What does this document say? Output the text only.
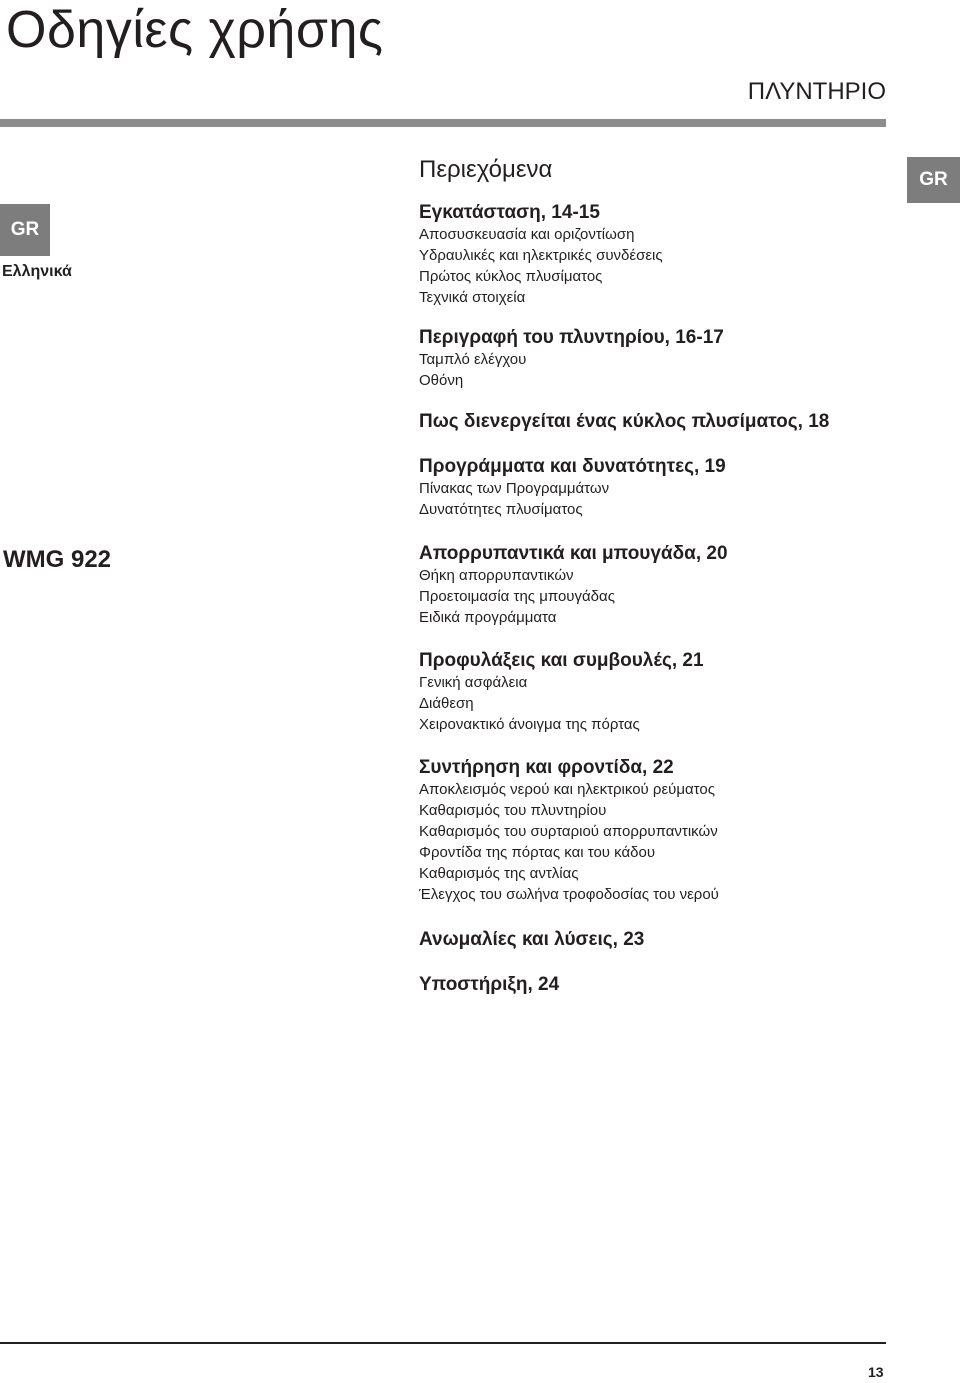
Οδηγίες χρήσης
ΠΛΥΝΤΗΡΙΟ
GR
GR
Ελληνικά
WMG 922
Περιεχόμενα
Εγκατάσταση, 14-15
Αποσυσκευασία και οριζοντίωση
Υδραυλικές και ηλεκτρικές συνδέσεις
Πρώτος κύκλος πλυσίματος
Τεχνικά στοιχεία
Περιγραφή του πλυντηρίου, 16-17
Ταμπλό ελέγχου
Οθόνη
Πως διενεργείται ένας κύκλος πλυσίματος, 18
Προγράμματα και δυνατότητες, 19
Πίνακας των Προγραμμάτων
Δυνατότητες πλυσίματος
Απορρυπαντικά και μπουγάδα, 20
Θήκη απορρυπαντικών
Προετοιμασία της μπουγάδας
Ειδικά προγράμματα
Προφυλάξεις και συμβουλές, 21
Γενική ασφάλεια
Διάθεση
Χειρονακτικό άνοιγμα της πόρτας
Συντήρηση και φροντίδα, 22
Αποκλεισμός νερού και ηλεκτρικού ρεύματος
Καθαρισμός του πλυντηρίου
Καθαρισμός του συρταριού απορρυπαντικών
Φροντίδα της πόρτας και του κάδου
Καθαρισμός της αντλίας
Έλεγχος του σωλήνα τροφοδοσίας του νερού
Ανωμαλίες και λύσεις, 23
Υποστήριξη, 24
13
